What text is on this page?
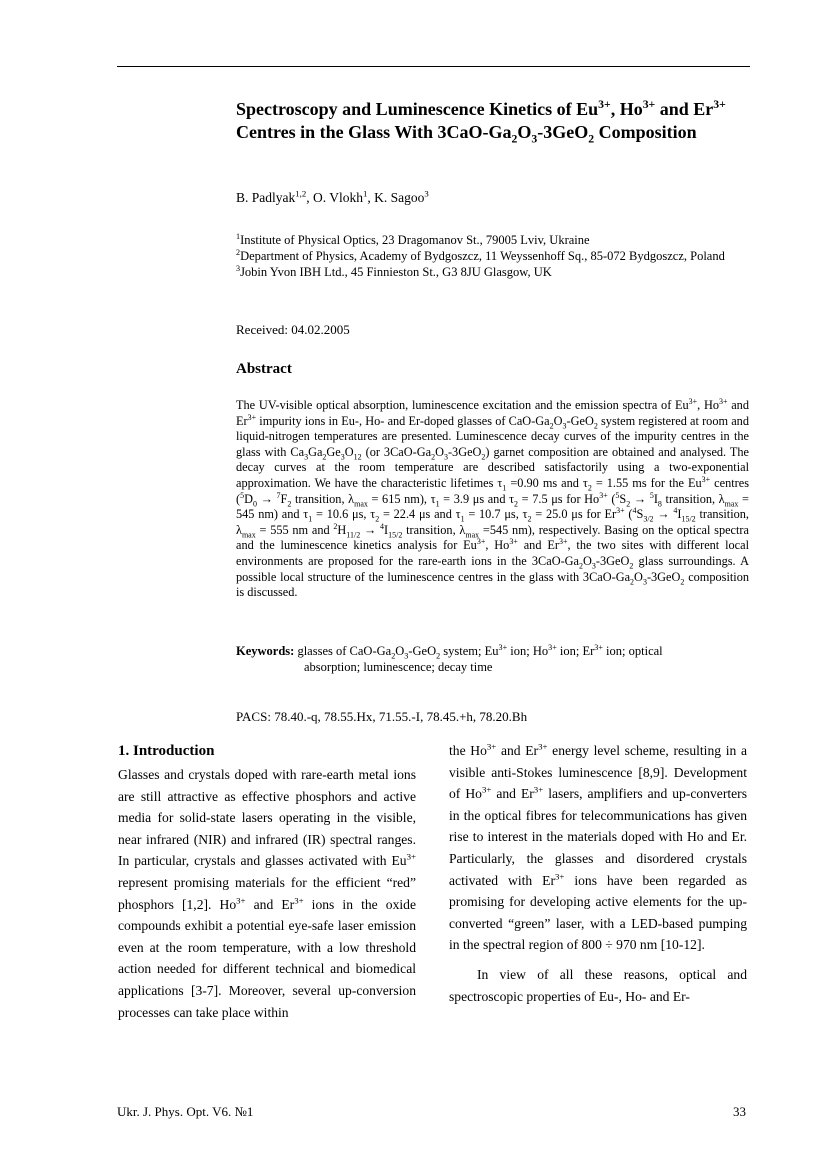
Spectroscopy and Luminescence Kinetics of $Eu^{3+}$, $Ho^{3+}$ and $Er^{3+}$ Centres in the Glass With $3CaO-Ga_2O_3-3GeO_2$ Composition
B. Padlyak$^{1,2}$, O. Vlokh$^1$, K. Sagoo$^3$
$^1$Institute of Physical Optics, 23 Dragomanov St., 79005 Lviv, Ukraine
$^2$Department of Physics, Academy of Bydgoszcz, 11 Weyssenhoff Sq., 85-072 Bydgoszcz, Poland
$^3$Jobin Yvon IBH Ltd., 45 Finnieston St., G3 8JU Glasgow, UK
Received: 04.02.2005
Abstract

The UV-visible optical absorption, luminescence excitation and the emission spectra of $Eu^{3+}$, $Ho^{3+}$ and $Er^{3+}$ impurity ions in Eu-, Ho- and Er-doped glasses of CaO-$Ga_2O_3-GeO_2$ system registered at room and liquid-nitrogen temperatures are presented. Luminescence decay curves of the impurity centres in the glass with $Ca_3Ga_2Ge_3O_{12}$ (or $3CaO-Ga_2O_3-3GeO_2$) garnet composition are obtained and analysed. The decay curves at the room temperature are described satisfactorily using a two-exponential approximation. We have the characteristic lifetimes $\tau_1 =0.90$ ms and $\tau_2 = 1.55$ ms for the $Eu^{3+}$ centres ($^5D_0 \to ^7F_2$ transition, $\lambda_{max} = 615$ nm), $\tau_1 = 3.9$ μs and $\tau_2 = 7.5$ μs for $Ho^{3+}$ ($^5S_2 \to ^5I_8$ transition, $\lambda_{max} = 545$ nm) and $\tau_1 = 10.6$ μs, $\tau_2 = 22.4$ μs and $\tau_1 = 10.7$ μs, $\tau_2 = 25.0$ μs for $Er^{3+}$ ($^4S_{3/2} \to ^4I_{15/2}$ transition, $\lambda_{max} = 555$ nm and $^2H_{11/2} \to ^4I_{15/2}$ transition, $\lambda_{max} =545$ nm), respectively. Basing on the optical spectra and the luminescence kinetics analysis for $Eu^{3+}$, $Ho^{3+}$ and $Er^{3+}$, the two sites with different local environments are proposed for the rare-earth ions in the $3CaO-Ga_2O_3-3GeO_2$ glass surroundings. A possible local structure of the luminescence centres in the glass with $3CaO-Ga_2O_3-3GeO_2$ composition is discussed.

Keywords: glasses of CaO-$Ga_2O_3-GeO_2$ system; $Eu^{3+}$ ion; $Ho^{3+}$ ion; $Er^{3+}$ ion; optical
absorption; luminescence; decay time
PACS: 78.40.-q, 78.55.Hx, 71.55.-I, 78.45.+h, 78.20.Bh
1. Introduction

Glasses and crystals doped with rare-earth metal ions are still attractive as effective phosphors and active media for solid-state lasers operating in the visible, near infrared (NIR) and infrared (IR) spectral ranges. In particular, crystals and glasses activated with $Eu^{3+}$ represent promising materials for the efficient “red” phosphors [1,2]. $Ho^{3+}$ and $Er^{3+}$ ions in the oxide compounds exhibit a potential eye-safe laser emission even at the room temperature, with a low threshold action needed for different technical and biomedical applications [3-7]. Moreover, several up-conversion processes can take place within

the $Ho^{3+}$ and $Er^{3+}$ energy level scheme, resulting in a visible anti-Stokes luminescence [8,9]. Development of $Ho^{3+}$ and $Er^{3+}$ lasers, amplifiers and up-converters in the optical fibres for telecommunications has given rise to interest in the materials doped with Ho and Er. Particularly, the glasses and disordered crystals activated with $Er^{3+}$ ions have been regarded as promising for developing active elements for the up-converted “green” laser, with a LED-based pumping in the spectral region of 800 ÷ 970 nm [10-12].

In view of all these reasons, optical and spectroscopic properties of Eu-, Ho- and Er-

Ukr. J. Phys. Opt. V6. №1	33
